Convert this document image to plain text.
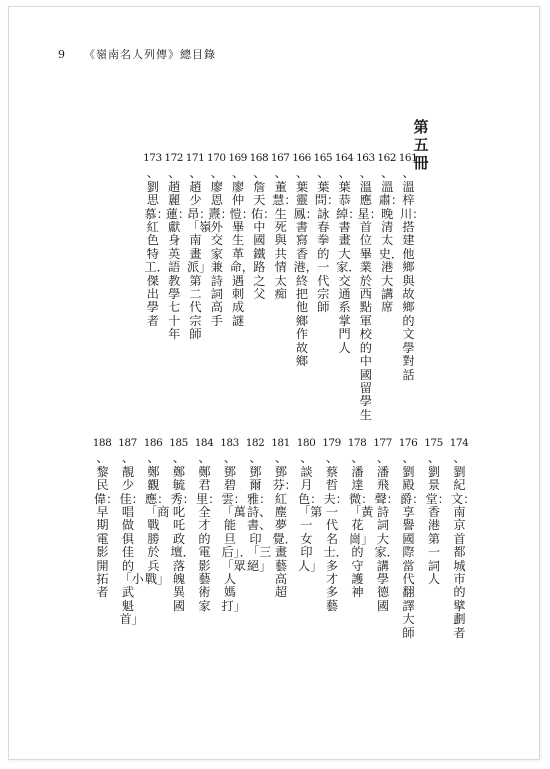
9 《嶺南名人列傳》總目錄
第
五
冊
161
、溫梓川：搭建他鄉與故鄉的文學對話
162
、溫肅：晚清太史．港大講席
163
、溫應星：首位畢業於西點軍校的中國留學生
164
、葉恭綽：書畫大家．交通系掌門人
165
、葉問：詠春拳的一代宗師
166
、葉靈鳳：書寫香港，終把他鄉作故鄉
167
、董慧：生死與共情太痴
168
、詹天佑：中國鐵路之父
169
、廖仲愷：畢生革命，遇刺成謎
170
、廖恩燾：外交家兼詩詞高手
171
、趙少昂：「嶺南畫派」第二代宗師
172
、趙麗蓮：獻身英語教學七十年
173
、劉思慕：紅色特工．傑出學者
174
、劉紀文：南京首都城市的擘劃者
175
、劉景堂：香港第一詞人
176
、劉殿爵：享譽國際當代翻譯大師
177
、潘飛聲：詩詞大家．講學德國
178
、潘達微：「黃花崗」的守護神
179
、蔡哲夫：一代名士．多才多藝
180
、談月色：「第一女印人」
181
、鄧芬：紅塵夢覺．畫藝高超
182
、鄧爾雅：詩、書、印「三絕」
183
、鄧碧雲：「萬能旦后」．「眾人媽打」
184
、鄭君里：全才的電影藝術家
185
、鄭毓秀：叱吒政壇．落魄異國
186
、鄭觀應：「商戰勝於兵戰」
187
、靚少佳：唱做俱佳的「小武魁首」
188
、黎民偉：早期電影開拓者
